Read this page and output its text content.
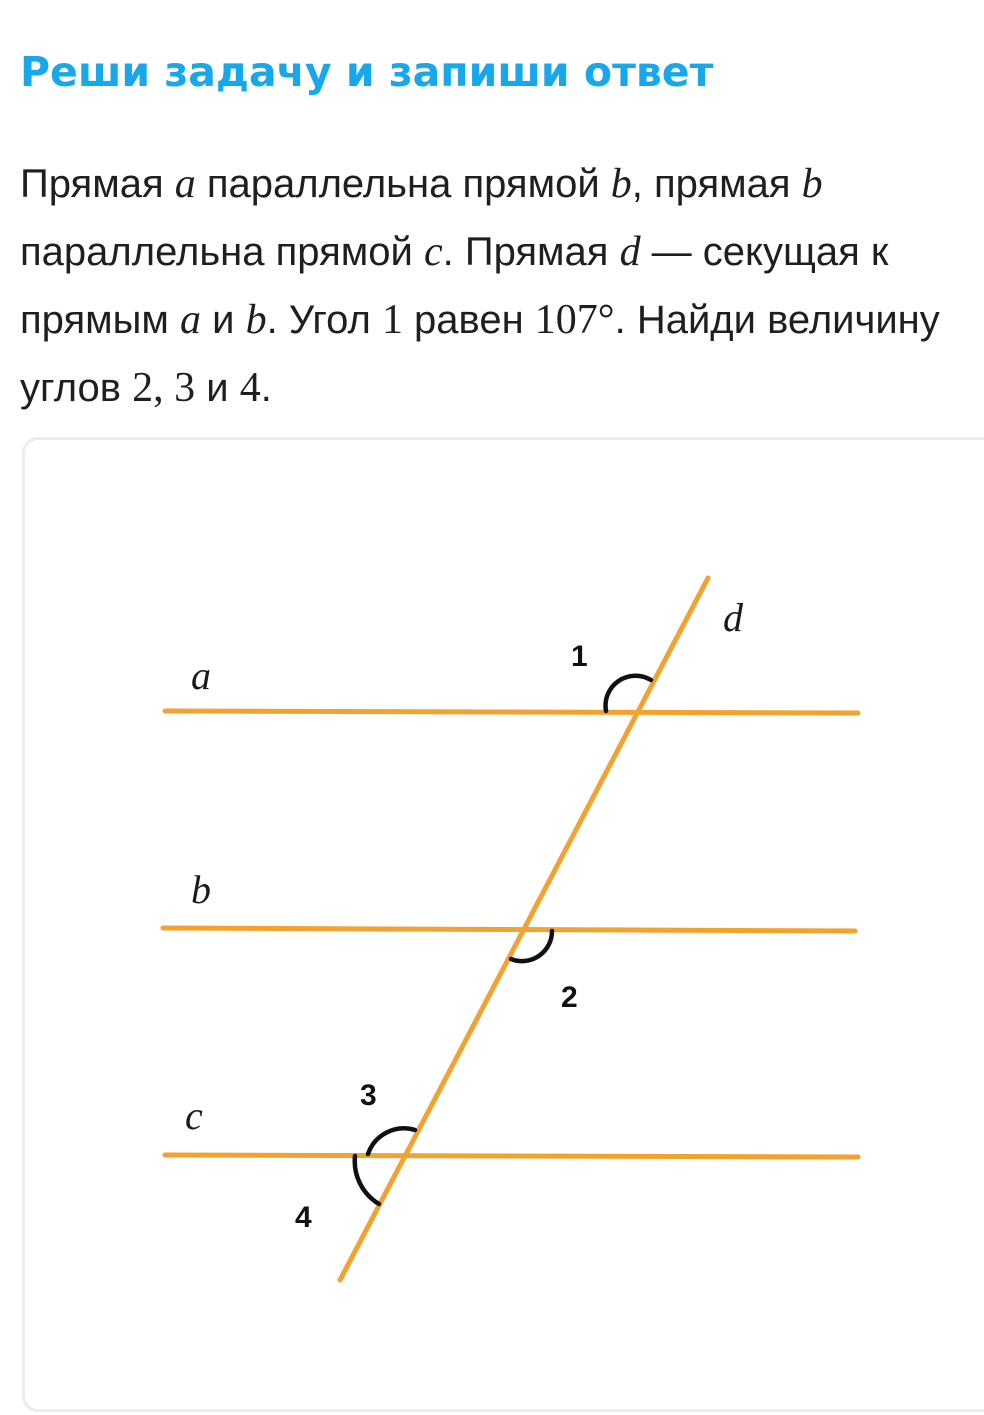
Реши задачу и запиши ответ

Прямая a параллельна прямой b, прямая b параллельна прямой c. Прямая d — секущая к прямым a и b. Угол 1 равен 107°. Найди величину углов 2, 3 и 4.

a
b
c
d
1
2
3
4
